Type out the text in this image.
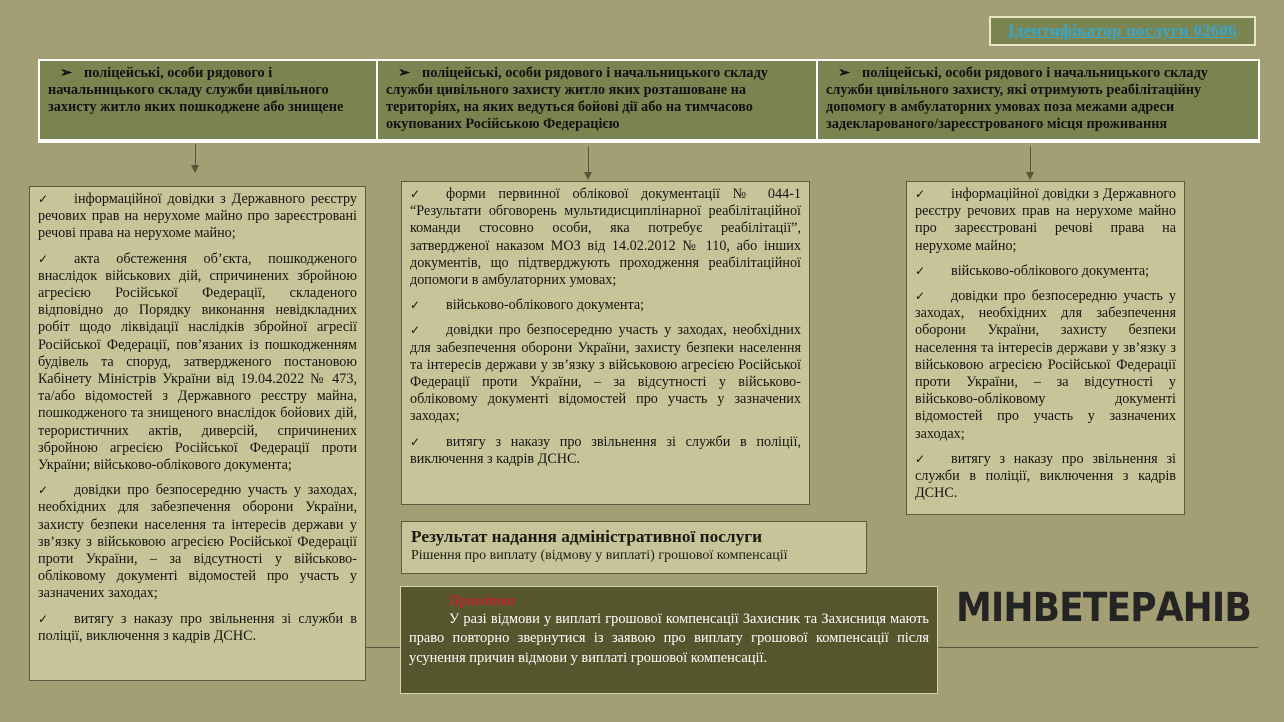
Ідентифікатор послуги 02606
➢ поліцейські, особи рядового і начальницького складу служби цивільного захисту житло яких пошкоджене або знищене
➢ поліцейські, особи рядового і начальницького складу служби цивільного захисту житло яких розташоване на територіях, на яких ведуться бойові дії або на тимчасово окупованих Російською Федерацією
➢ поліцейські, особи рядового і начальницького складу служби цивільного захисту, які отримують реабілітаційну допомогу в амбулаторних умовах поза межами адреси задекларованого/зареєстрованого місця проживання
✓ інформаційної довідки з Державного реєстру речових прав на нерухоме майно про зареєстровані речові права на нерухоме майно;
✓ акта обстеження об’єкта, пошкодженого внаслідок військових дій, спричинених збройною агресією Російської Федерації, складеного відповідно до Порядку виконання невідкладних робіт щодо ліквідації наслідків збройної агресії Російської Федерації, пов’язаних із пошкодженням будівель та споруд, затвердженого постановою Кабінету Міністрів України від 19.04.2022 № 473, та/або відомостей з Державного реєстру майна, пошкодженого та знищеного внаслідок бойових дій, терористичних актів, диверсій, спричинених збройною агресією Російської Федерації проти України; військово-облікового документа;
✓ довідки про безпосередню участь у заходах, необхідних для забезпечення оборони України, захисту безпеки населення та інтересів держави у зв’язку з військовою агресією Російської Федерації проти України, – за відсутності у військово-обліковому документі відомостей про участь у зазначених заходах;
✓ витягу з наказу про звільнення зі служби в поліції, виключення з кадрів ДСНС.
✓ форми первинної облікової документації № 044-1 “Результати обговорень мультидисциплінарної реабілітаційної команди стосовно особи, яка потребує реабілітації”, затвердженої наказом МОЗ від 14.02.2012 № 110, або інших документів, що підтверджують проходження реабілітаційної допомоги в амбулаторних умовах;
✓ військово-облікового документа;
✓ довідки про безпосередню участь у заходах, необхідних для забезпечення оборони України, захисту безпеки населення та інтересів держави у зв’язку з військовою агресією Російської Федерації проти України, – за відсутності у військово-обліковому документі відомостей про участь у зазначених заходах;
✓ витягу з наказу про звільнення зі служби в поліції, виключення з кадрів ДСНС.
✓ інформаційної довідки з Державного реєстру речових прав на нерухоме майно про зареєстровані речові права на нерухоме майно;
✓ військово-облікового документа;
✓ довідки про безпосередню участь у заходах, необхідних для забезпечення оборони України, захисту безпеки населення та інтересів держави у зв’язку з військовою агресією Російської Федерації проти України, – за відсутності у військово-обліковому документі відомостей про участь у зазначених заходах;
✓ витягу з наказу про звільнення зі служби в поліції, виключення з кадрів ДСНС.
Результат надання адміністративної послуги
Рішення про виплату (відмову у виплаті) грошової компенсації
Примітка
У разі відмови у виплаті грошової компенсації Захисник та Захисниця мають право повторно звернутися із заявою про виплату грошової компенсації після усунення причин відмови у виплаті грошової компенсації.
МІНВЕТЕРАНІВ
